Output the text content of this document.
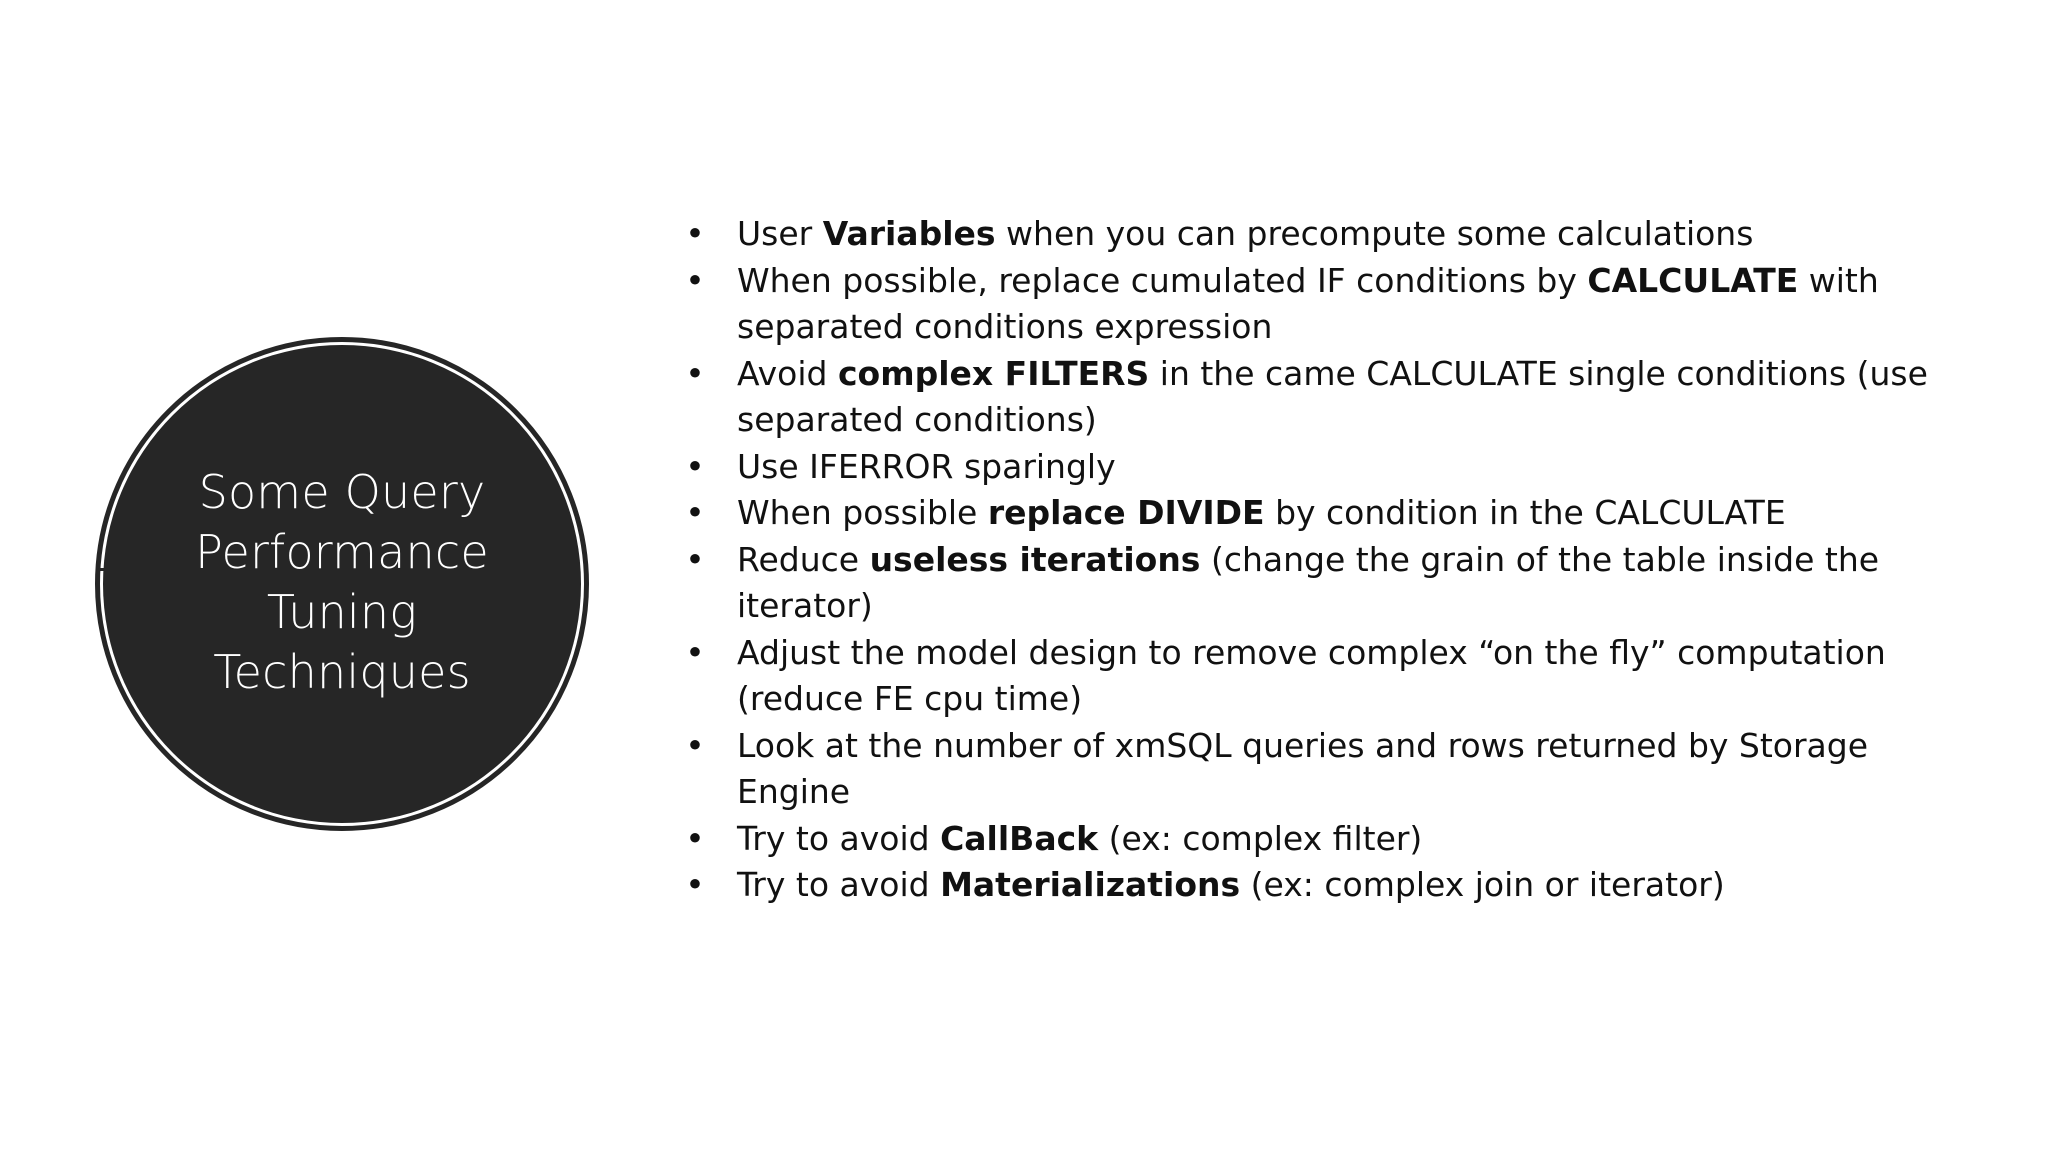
Some Query
Performance
Tuning
Techniques
• User Variables when you can precompute some calculations
• When possible, replace cumulated IF conditions by CALCULATE with separated conditions expression
• Avoid complex FILTERS in the came CALCULATE single conditions (use separated conditions)
• Use IFERROR sparingly
• When possible replace DIVIDE by condition in the CALCULATE
• Reduce useless iterations (change the grain of the table inside the iterator)
• Adjust the model design to remove complex “on the fly” computation (reduce FE cpu time)
• Look at the number of xmSQL queries and rows returned by Storage Engine
• Try to avoid CallBack (ex: complex filter)
• Try to avoid Materializations (ex: complex join or iterator)
